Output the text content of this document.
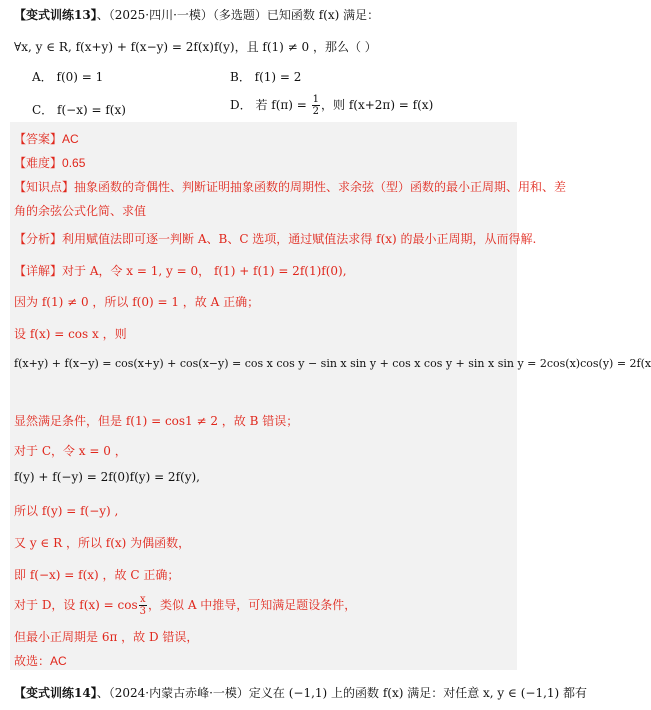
【变式训练13】、（2025·四川·一模）（多选题）已知函数 f(x) 满足：
∀x, y ∈ R, f(x+y) + f(x−y) = 2f(x)f(y)，且 f(1) ≠ 0 ，那么（ ）
A． f(0) = 1	B． f(1) = 2
C． f(−x) = f(x)	D． 若 $f(\pi) = \frac{1}{2}$ ，则 f(x+2π) = f(x)
【答案】AC
【难度】0.65
【知识点】抽象函数的奇偶性、判断证明抽象函数的周期性、求余弦（型）函数的最小正周期、用和、差
角的余弦公式化简、求值
【分析】利用赋值法即可逐一判断 A、B、C 选项，通过赋值法求得 f(x) 的最小正周期，从而得解.
【详解】对于 A，令 x = 1, y = 0， f(1) + f(1) = 2f(1)f(0),
因为 f(1) ≠ 0 ，所以 f(0) = 1 ，故 A 正确；
设 f(x) = cos x ，则
f(x+y) + f(x−y) = cos(x+y) + cos(x−y) = cos x cos y − sin x sin y + cos x cos y + sin x sin y = 2cos(x)cos(y) = 2f(x
显然满足条件，但是 f(1) = cos1 ≠ 2 ，故 B 错误；
对于 C，令 x = 0 ，
f(y) + f(−y) = 2f(0)f(y) = 2f(y),
所以 f(y) = f(−y) ,
又 y ∈ R ，所以 f(x) 为偶函数，
即 f(−x) = f(x) ，故 C 正确；
对于 D，设 $f(x) = \cos \frac{x}{3}$ ，类似 A 中推导，可知满足题设条件，
但最小正周期是 6π ，故 D 错误，
故选：AC
【变式训练14】、（2024·内蒙古赤峰·一模）定义在 (−1,1) 上的函数 f(x) 满足：对任意 x, y ∈ (−1,1) 都有
